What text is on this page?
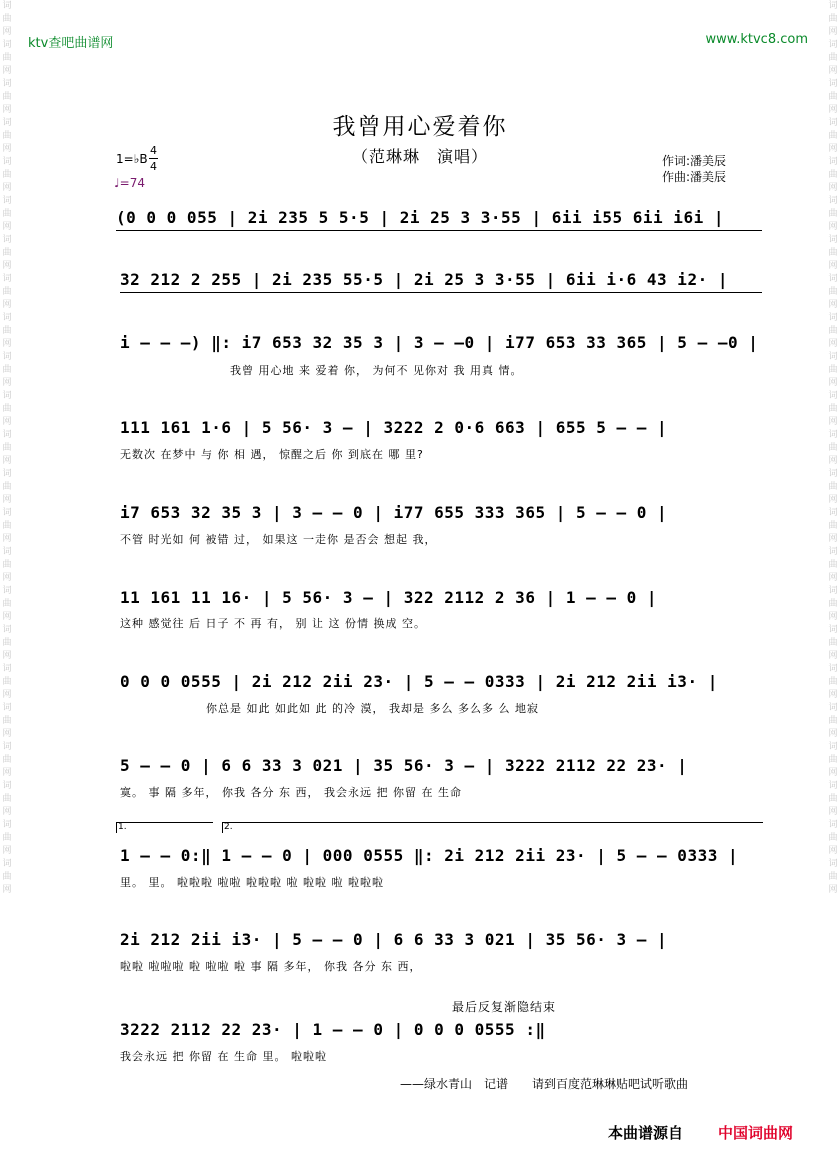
词曲网词曲网词曲网词曲网词曲网词曲网词曲网词曲网词曲网词曲网词曲网词曲网词曲网词曲网词曲网词曲网词曲网词曲网词曲网词曲网词曲网词曲网词曲网
词曲网词曲网词曲网词曲网词曲网词曲网词曲网词曲网词曲网词曲网词曲网词曲网词曲网词曲网词曲网词曲网词曲网词曲网词曲网词曲网词曲网词曲网词曲网
ktv查吧曲谱网	www.ktvc8.com
我曾用心爱着你
（范琳琳　演唱）
1=♭B
4
4
♩=74
作词:潘美辰
作曲:潘美辰
(0 0 0 055 | 2i 235 5 5·5 | 2i 25 3 3·55 | 6ii i55 6ii i6i |
32 212 2 255 | 2i 235 55·5 | 2i 25 3 3·55 | 6ii i·6 43 i2· |
i – – –) ‖: i7 653 32 35 3 | 3 – –0 | i77 653 33 365 | 5 – –0 |
我曾 用心地 来 爱着 你， 为何不 见你对 我 用真 情。
111 161 1·6 | 5 56· 3 – | 3222 2 0·6 663 | 655 5 – – |
无数次 在梦中 与 你 相 遇， 惊醒之后 你 到底在 哪 里?
i7 653 32 35 3 | 3 – – 0 | i77 655 333 365 | 5 – – 0 |
不管 时光如 何 被错 过， 如果这 一走你 是否会 想起 我，
11 161 11 16· | 5 56· 3 – | 322 2112 2 36 | 1 – – 0 |
这种 感觉往 后 日子 不 再 有， 别 让 这 份情 换成 空。
0 0 0 0555 | 2i 212 2ii 23· | 5 – – 0333 | 2i 212 2ii i3· |
你总是 如此 如此如 此 的冷 漠， 我却是 多么 多么多 么 地寂
5 – – 0 | 6 6 33 3 021 | 35 56· 3 – | 3222 2112 22 23· |
寞。 事 隔 多年， 你我 各分 东 西， 我会永远 把 你留 在 生命
1.	2.
1 – – 0:‖ 1 – – 0 | 000 0555 ‖: 2i 212 2ii 23· | 5 – – 0333 |
里。 里。 啦啦啦 啦啦 啦啦啦 啦 啦啦 啦 啦啦啦
2i 212 2ii i3· | 5 – – 0 | 6 6 33 3 021 | 35 56· 3 – |
啦啦 啦啦啦 啦 啦啦 啦 事 隔 多年， 你我 各分 东 西，
最后反复渐隐结束
3222 2112 22 23· | 1 – – 0 | 0 0 0 0555 :‖
我会永远 把 你留 在 生命 里。 啦啦啦
——绿水青山　记谱　　请到百度范琳琳贴吧试听歌曲
本曲谱源自 中国词曲网
